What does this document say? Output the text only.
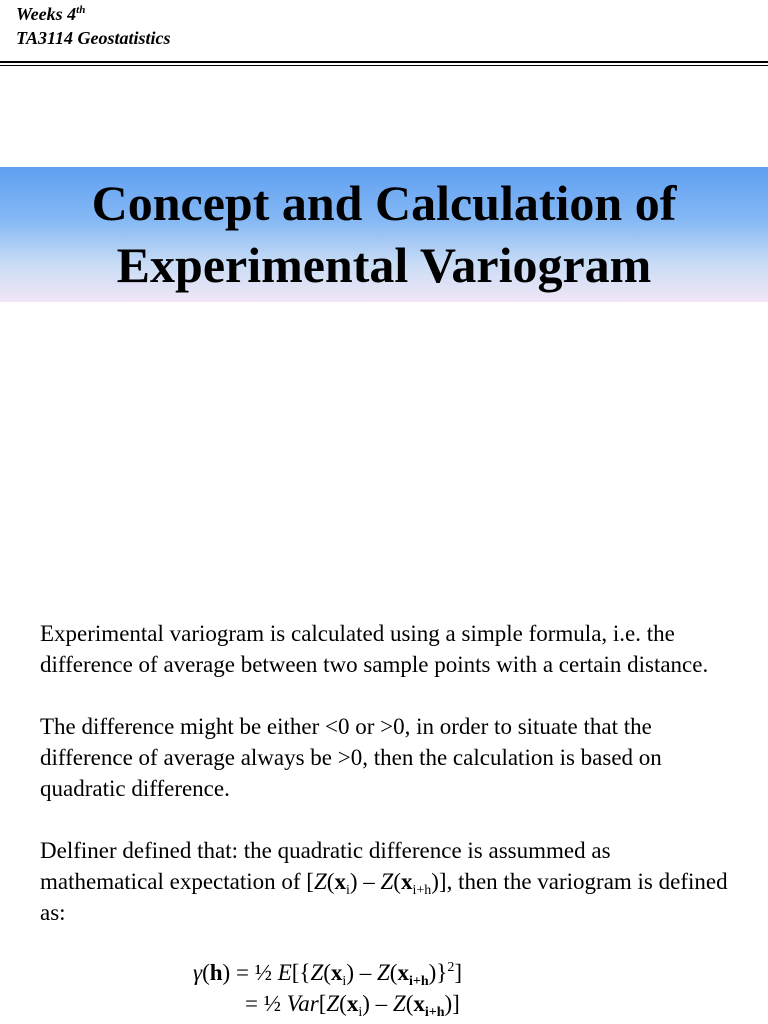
Weeks 4th
TA3114 Geostatistics
Concept and Calculation of
Experimental Variogram

Experimental variogram is calculated using a simple formula, i.e. the difference of average between two sample points with a certain distance.

The difference might be either <0 or >0, in order to situate that the difference of average always be >0, then the calculation is based on quadratic difference.

Delfiner defined that: the quadratic difference is assummed as mathematical expectation of $[Z(x_i) - Z(x_{i+h})]$, then the variogram is defined as:

γ(h) = ½ $E[\{Z(x_i) - Z(x_{i+h})\}^2]$
= ½ $Var[Z(x_i) - Z(x_{i+h})]$
